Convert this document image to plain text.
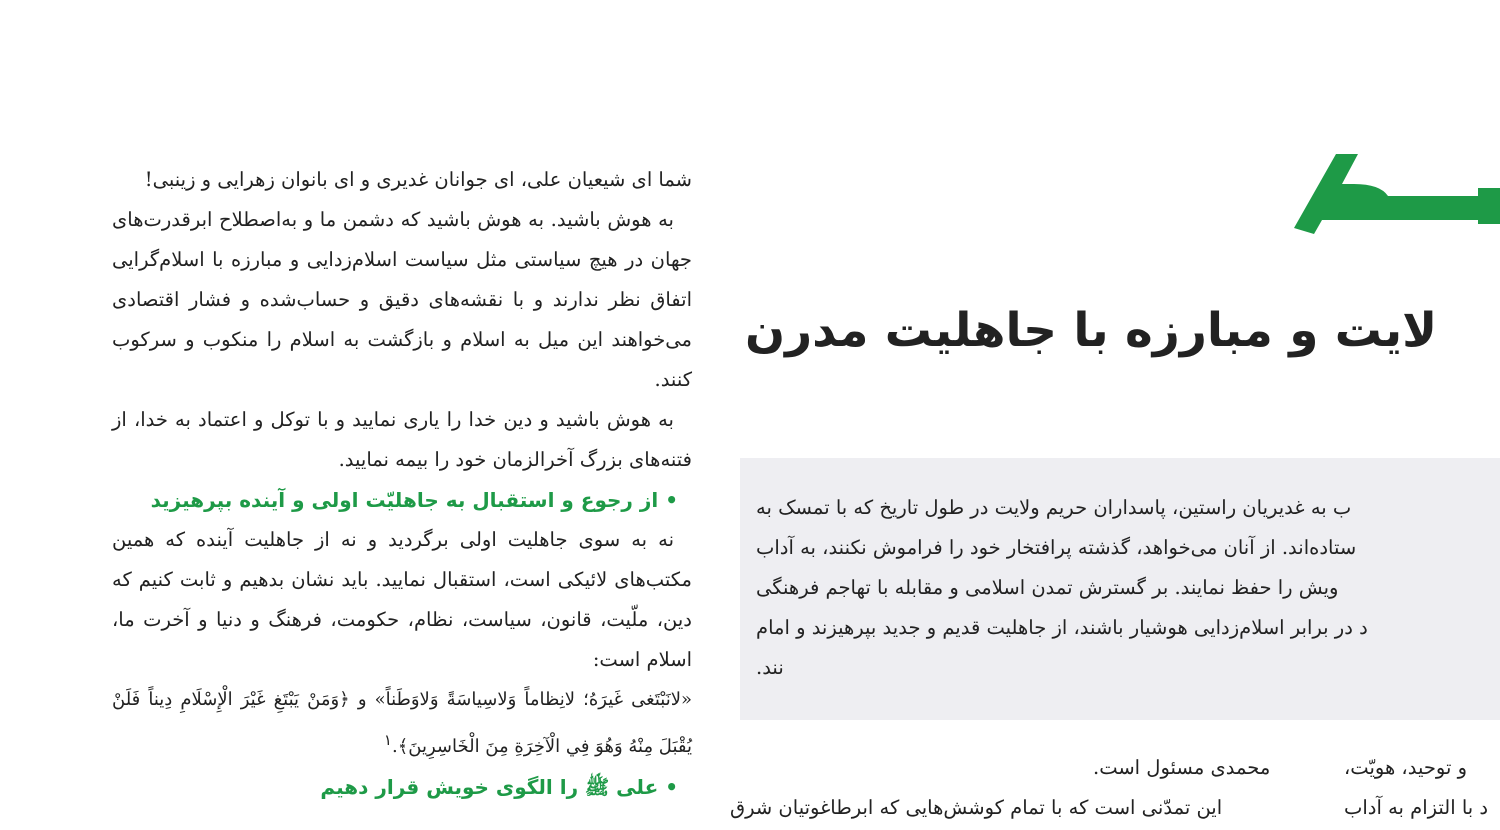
شما ای شیعیان علی، ای جوانان غدیری و ای بانوان زهرایی و زینبی!

به هوش باشید. به هوش باشید که دشمن ما و به‌اصطلاح ابرقدرت‌های جهان در هیچ سیاستی مثل سیاست اسلام‌زدایی و مبارزه با اسلام‌گرایی اتفاق نظر ندارند و با نقشه‌های دقیق و حساب‌شده و فشار اقتصادی می‌خواهند این میل به اسلام و بازگشت به اسلام را منکوب و سرکوب کنند.

به هوش باشید و دین خدا را یاری نمایید و با توکل و اعتماد به خدا، از فتنه‌های بزرگ آخرالزمان خود را بیمه نمایید.

• از رجوع و استقبال به جاهلیّت اولی و آینده بپرهیزید

نه به سوی جاهلیت اولی برگردید و نه از جاهلیت آینده که همین مکتب‌های لائیکی است، استقبال نمایید. باید نشان بدهیم و ثابت کنیم که دین، ملّیت، قانون، سیاست، نظام، حکومت، فرهنگ و دنیا و آخرت ما، اسلام است:

«لانَبْتَغی غَیرَهُ؛ لانِظاماً وَلاسِیاسَةً وَلاوَطَناً» و ﴿وَمَنْ يَبْتَغِ غَيْرَ الْإِسْلَامِ دِيناً فَلَنْ يُقْبَلَ مِنْهُ وَهُوَ فِي الْآخِرَةِ مِنَ الْخَاسِرِينَ﴾.$^۱$

• علی ﷺ را الگوی خویش قرار دهیم
لایت و مبارزه با جاهلیت مدرن
ب به غدیریان راستین، پاسداران حریم ولایت در طول تاریخ که با تمسک به
ستاده‌اند. از آنان می‌خواهد، گذشته پرافتخار خود را فراموش نکنند، به آداب
ویش را حفظ نمایند. بر گسترش تمدن اسلامی و مقابله با تهاجم فرهنگی
د در برابر اسلام‌زدایی هوشیار باشند، از جاهلیت قدیم و جدید بپرهیزند و امام
نند.
محمدی مسئول است.
این تمدّنی است که با تمام کوشش‌هایی که ابرطاغوتیان شرق
و توحید، هویّت،
د با التزام به آداب
